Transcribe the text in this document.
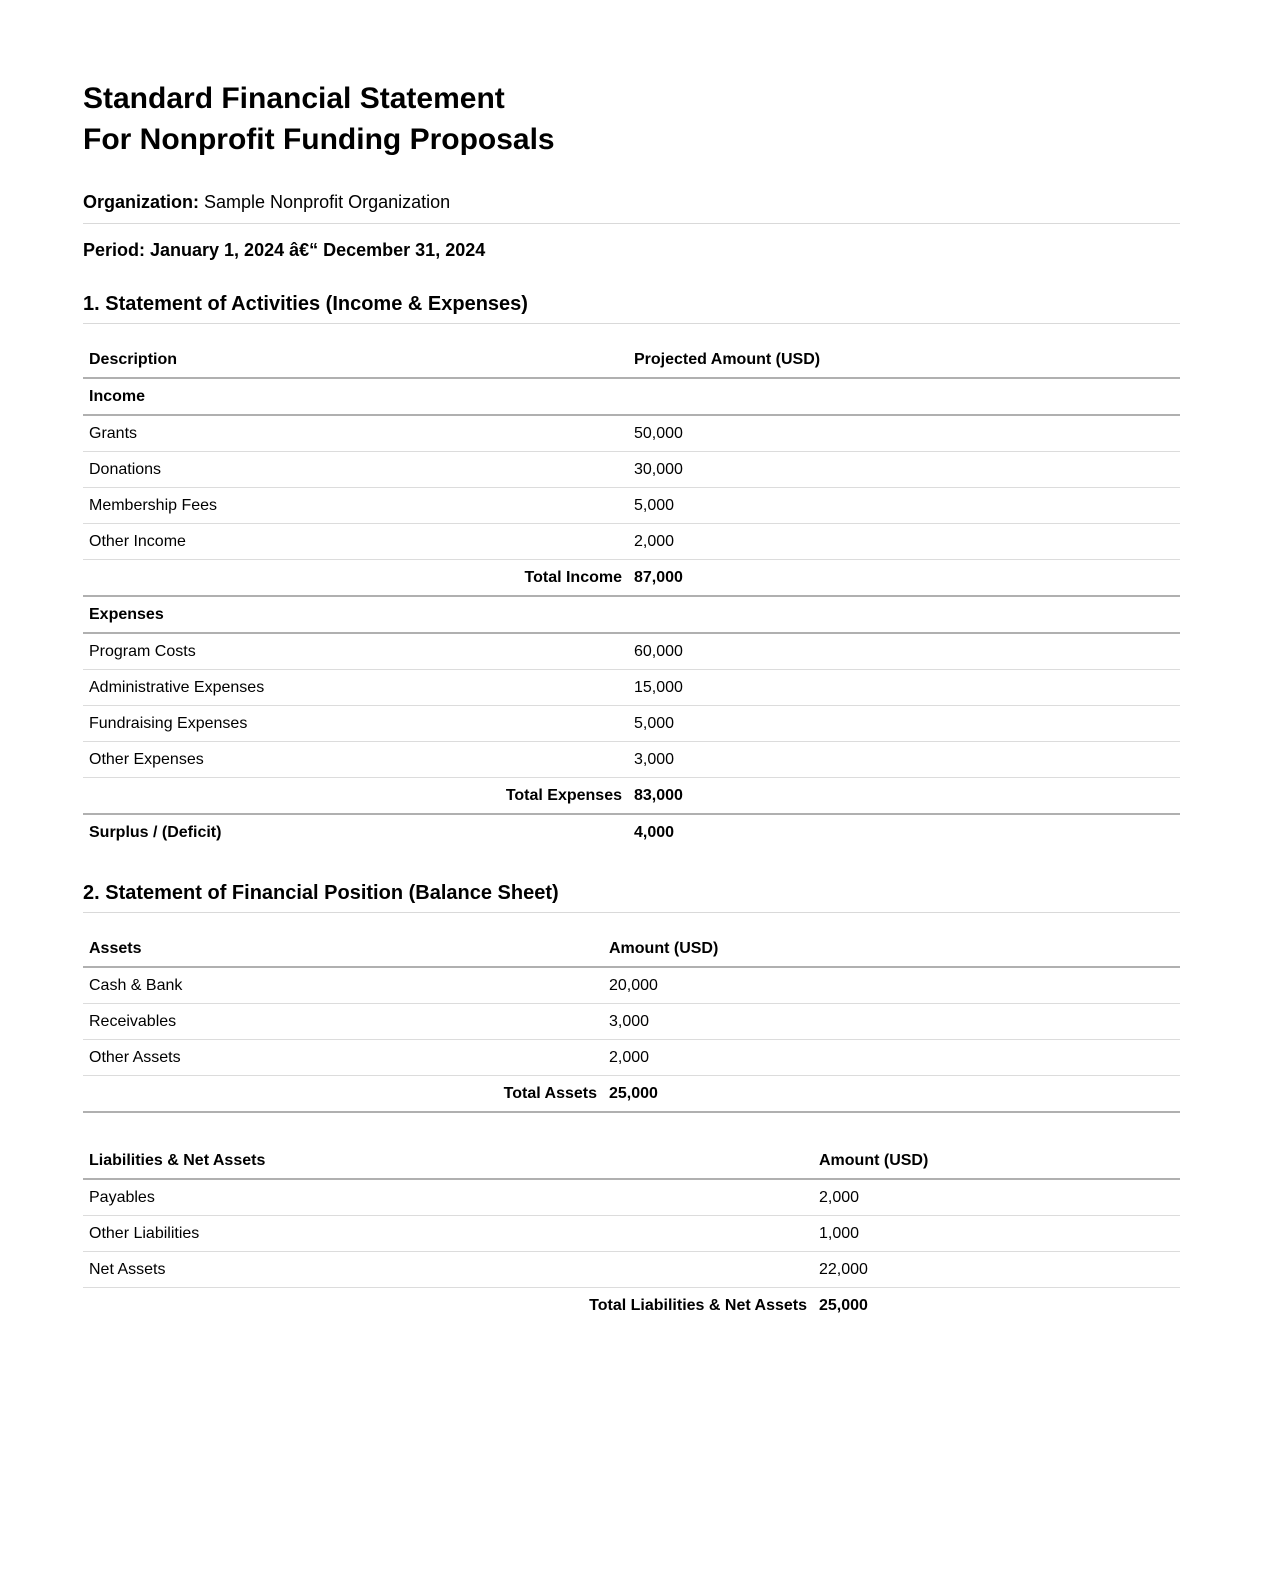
Standard Financial Statement
For Nonprofit Funding Proposals

Organization: Sample Nonprofit Organization

Period: January 1, 2024 â€“ December 31, 2024

1. Statement of Activities (Income & Expenses)
Description	Projected Amount (USD)
Income	
Grants	50,000
Donations	30,000
Membership Fees	5,000
Other Income	2,000
Total Income	87,000
Expenses	
Program Costs	60,000
Administrative Expenses	15,000
Fundraising Expenses	5,000
Other Expenses	3,000
Total Expenses	83,000
Surplus / (Deficit)	4,000
2. Statement of Financial Position (Balance Sheet)
Assets	Amount (USD)
Cash & Bank	20,000
Receivables	3,000
Other Assets	2,000
Total Assets	25,000
Liabilities & Net Assets	Amount (USD)
Payables	2,000
Other Liabilities	1,000
Net Assets	22,000
Total Liabilities & Net Assets	25,000
